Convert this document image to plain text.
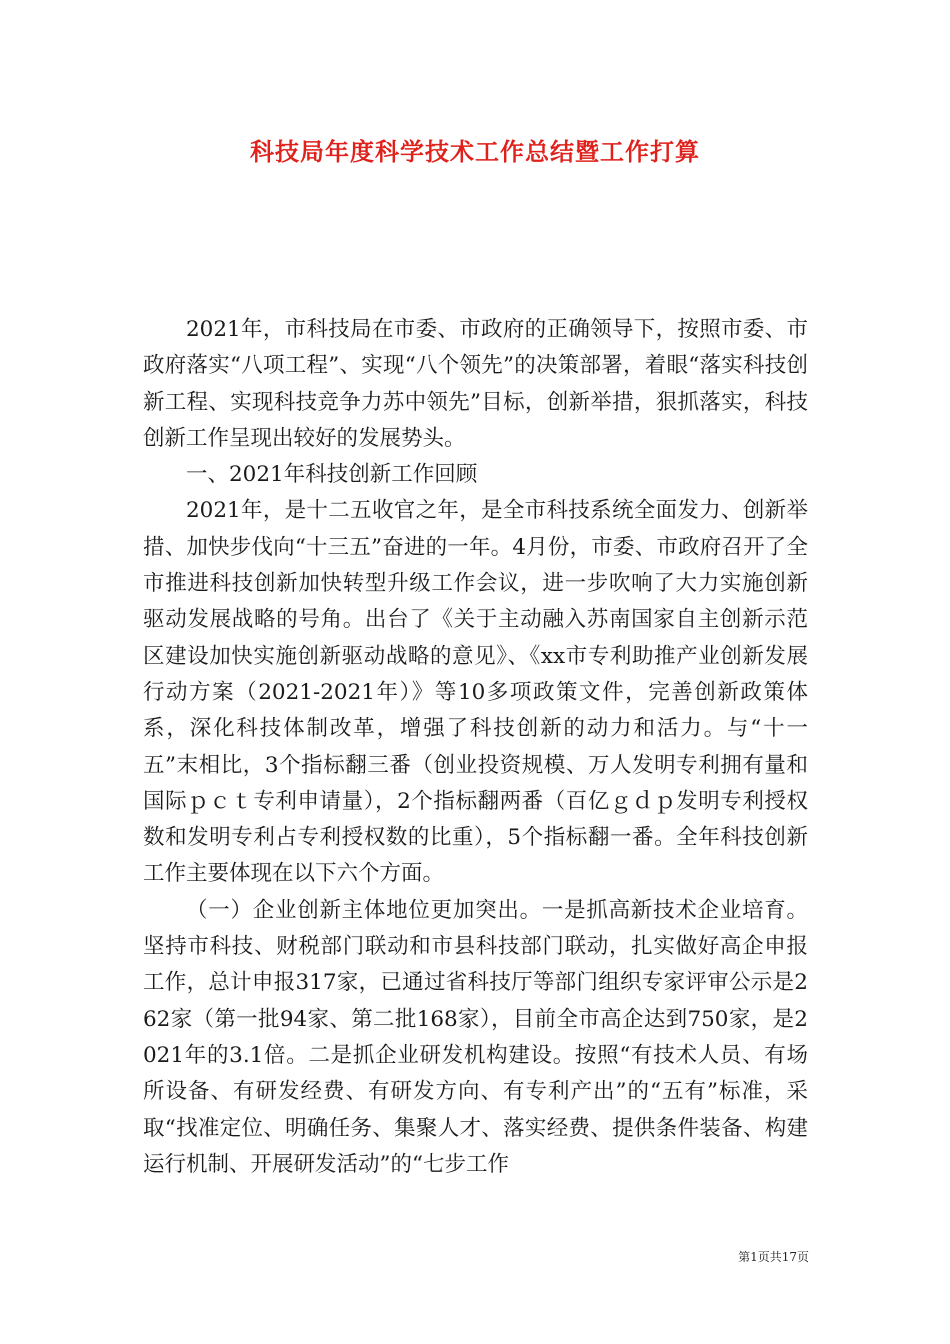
科技局年度科学技术工作总结暨工作打算

2021年，市科技局在市委、市政府的正确领导下，按照市委、市政府落实“八项工程”、实现“八个领先”的决策部署，着眼“落实科技创新工程、实现科技竞争力苏中领先”目标，创新举措，狠抓落实，科技创新工作呈现出较好的发展势头。

一、2021年科技创新工作回顾

2021年，是十二五收官之年，是全市科技系统全面发力、创新举措、加快步伐向“十三五”奋进的一年。4月份，市委、市政府召开了全市推进科技创新加快转型升级工作会议，进一步吹响了大力实施创新驱动发展战略的号角。出台了《关于主动融入苏南国家自主创新示范区建设加快实施创新驱动战略的意见》、《xx市专利助推产业创新发展行动方案（2021-2021年）》等10多项政策文件，完善创新政策体系，深化科技体制改革，增强了科技创新的动力和活力。与“十一五”末相比，3个指标翻三番（创业投资规模、万人发明专利拥有量和国际ｐｃｔ专利申请量），2个指标翻两番（百亿ｇｄｐ发明专利授权数和发明专利占专利授权数的比重），5个指标翻一番。全年科技创新工作主要体现在以下六个方面。

（一）企业创新主体地位更加突出。一是抓高新技术企业培育。坚持市科技、财税部门联动和市县科技部门联动，扎实做好高企申报工作，总计申报317家，已通过省科技厅等部门组织专家评审公示是262家（第一批94家、第二批168家），目前全市高企达到750家，是2021年的3.1倍。二是抓企业研发机构建设。按照“有技术人员、有场所设备、有研发经费、有研发方向、有专利产出”的“五有”标准，采取“找准定位、明确任务、集聚人才、落实经费、提供条件装备、构建运行机制、开展研发活动”的“七步工作

第1页共17页
